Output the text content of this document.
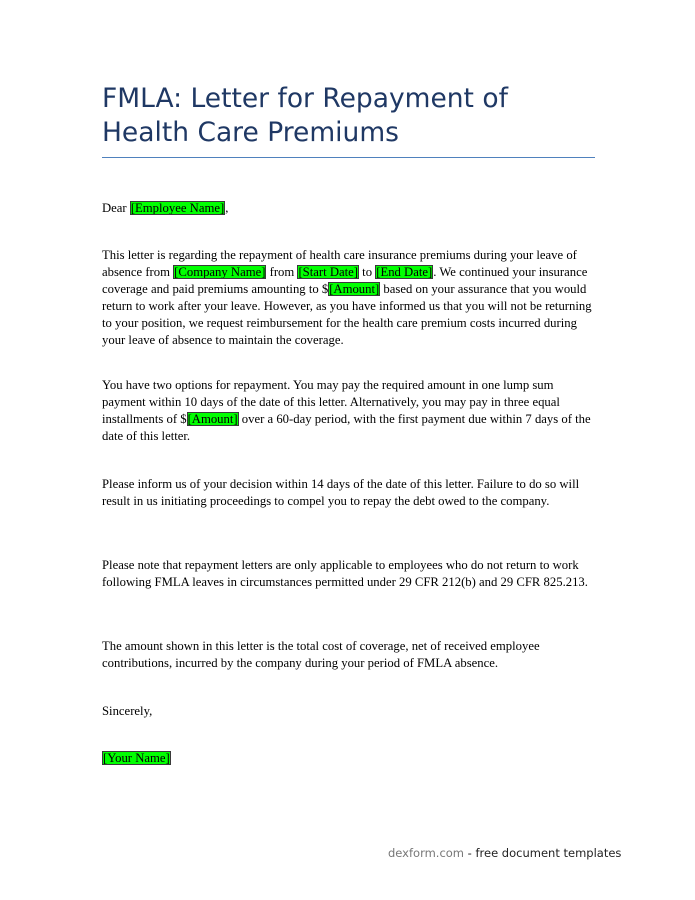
FMLA: Letter for Repayment of Health Care Premiums

Dear [Employee Name],

This letter is regarding the repayment of health care insurance premiums during your leave of absence from [Company Name] from [Start Date] to [End Date]. We continued your insurance coverage and paid premiums amounting to $[Amount] based on your assurance that you would return to work after your leave. However, as you have informed us that you will not be returning to your position, we request reimbursement for the health care premium costs incurred during your leave of absence to maintain the coverage.

You have two options for repayment. You may pay the required amount in one lump sum payment within 10 days of the date of this letter. Alternatively, you may pay in three equal installments of $[Amount] over a 60-day period, with the first payment due within 7 days of the date of this letter.

Please inform us of your decision within 14 days of the date of this letter. Failure to do so will result in us initiating proceedings to compel you to repay the debt owed to the company.

Please note that repayment letters are only applicable to employees who do not return to work following FMLA leaves in circumstances permitted under 29 CFR 212(b) and 29 CFR 825.213.

The amount shown in this letter is the total cost of coverage, net of received employee contributions, incurred by the company during your period of FMLA absence.

Sincerely,

[Your Name]

dexform.com - free document templates
